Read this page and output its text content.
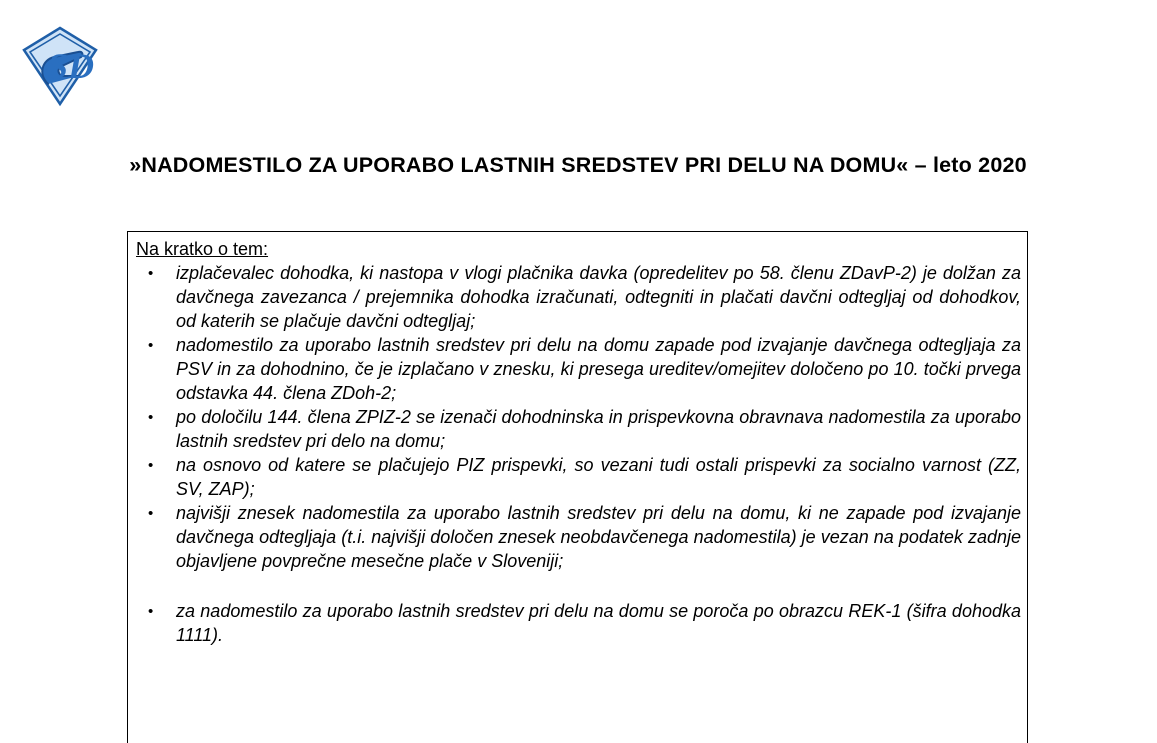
SD
»NADOMESTILO ZA UPORABO LASTNIH SREDSTEV PRI DELU NA DOMU« – leto 2020
Na kratko o tem:
• izplačevalec dohodka, ki nastopa v vlogi plačnika davka (opredelitev po 58. členu ZDavP-2) je dolžan za davčnega zavezanca / prejemnika dohodka izračunati, odtegniti in plačati davčni odtegljaj od dohodkov, od katerih se plačuje davčni odtegljaj;
• nadomestilo za uporabo lastnih sredstev pri delu na domu zapade pod izvajanje davčnega odtegljaja za PSV in za dohodnino, če je izplačano v znesku, ki presega ureditev/omejitev določeno po 10. točki prvega odstavka 44. člena ZDoh-2;
• po določilu 144. člena ZPIZ-2 se izenači dohodninska in prispevkovna obravnava nadomestila za uporabo lastnih sredstev pri delo na domu;
• na osnovo od katere se plačujejo PIZ prispevki, so vezani tudi ostali prispevki za socialno varnost (ZZ, SV, ZAP);
• najvišji znesek nadomestila za uporabo lastnih sredstev pri delu na domu, ki ne zapade pod izvajanje davčnega odtegljaja (t.i. najvišji določen znesek neobdavčenega nadomestila) je vezan na podatek zadnje objavljene povprečne mesečne plače v Sloveniji;
• za nadomestilo za uporabo lastnih sredstev pri delu na domu se poroča po obrazcu REK-1 (šifra dohodka 1111).
